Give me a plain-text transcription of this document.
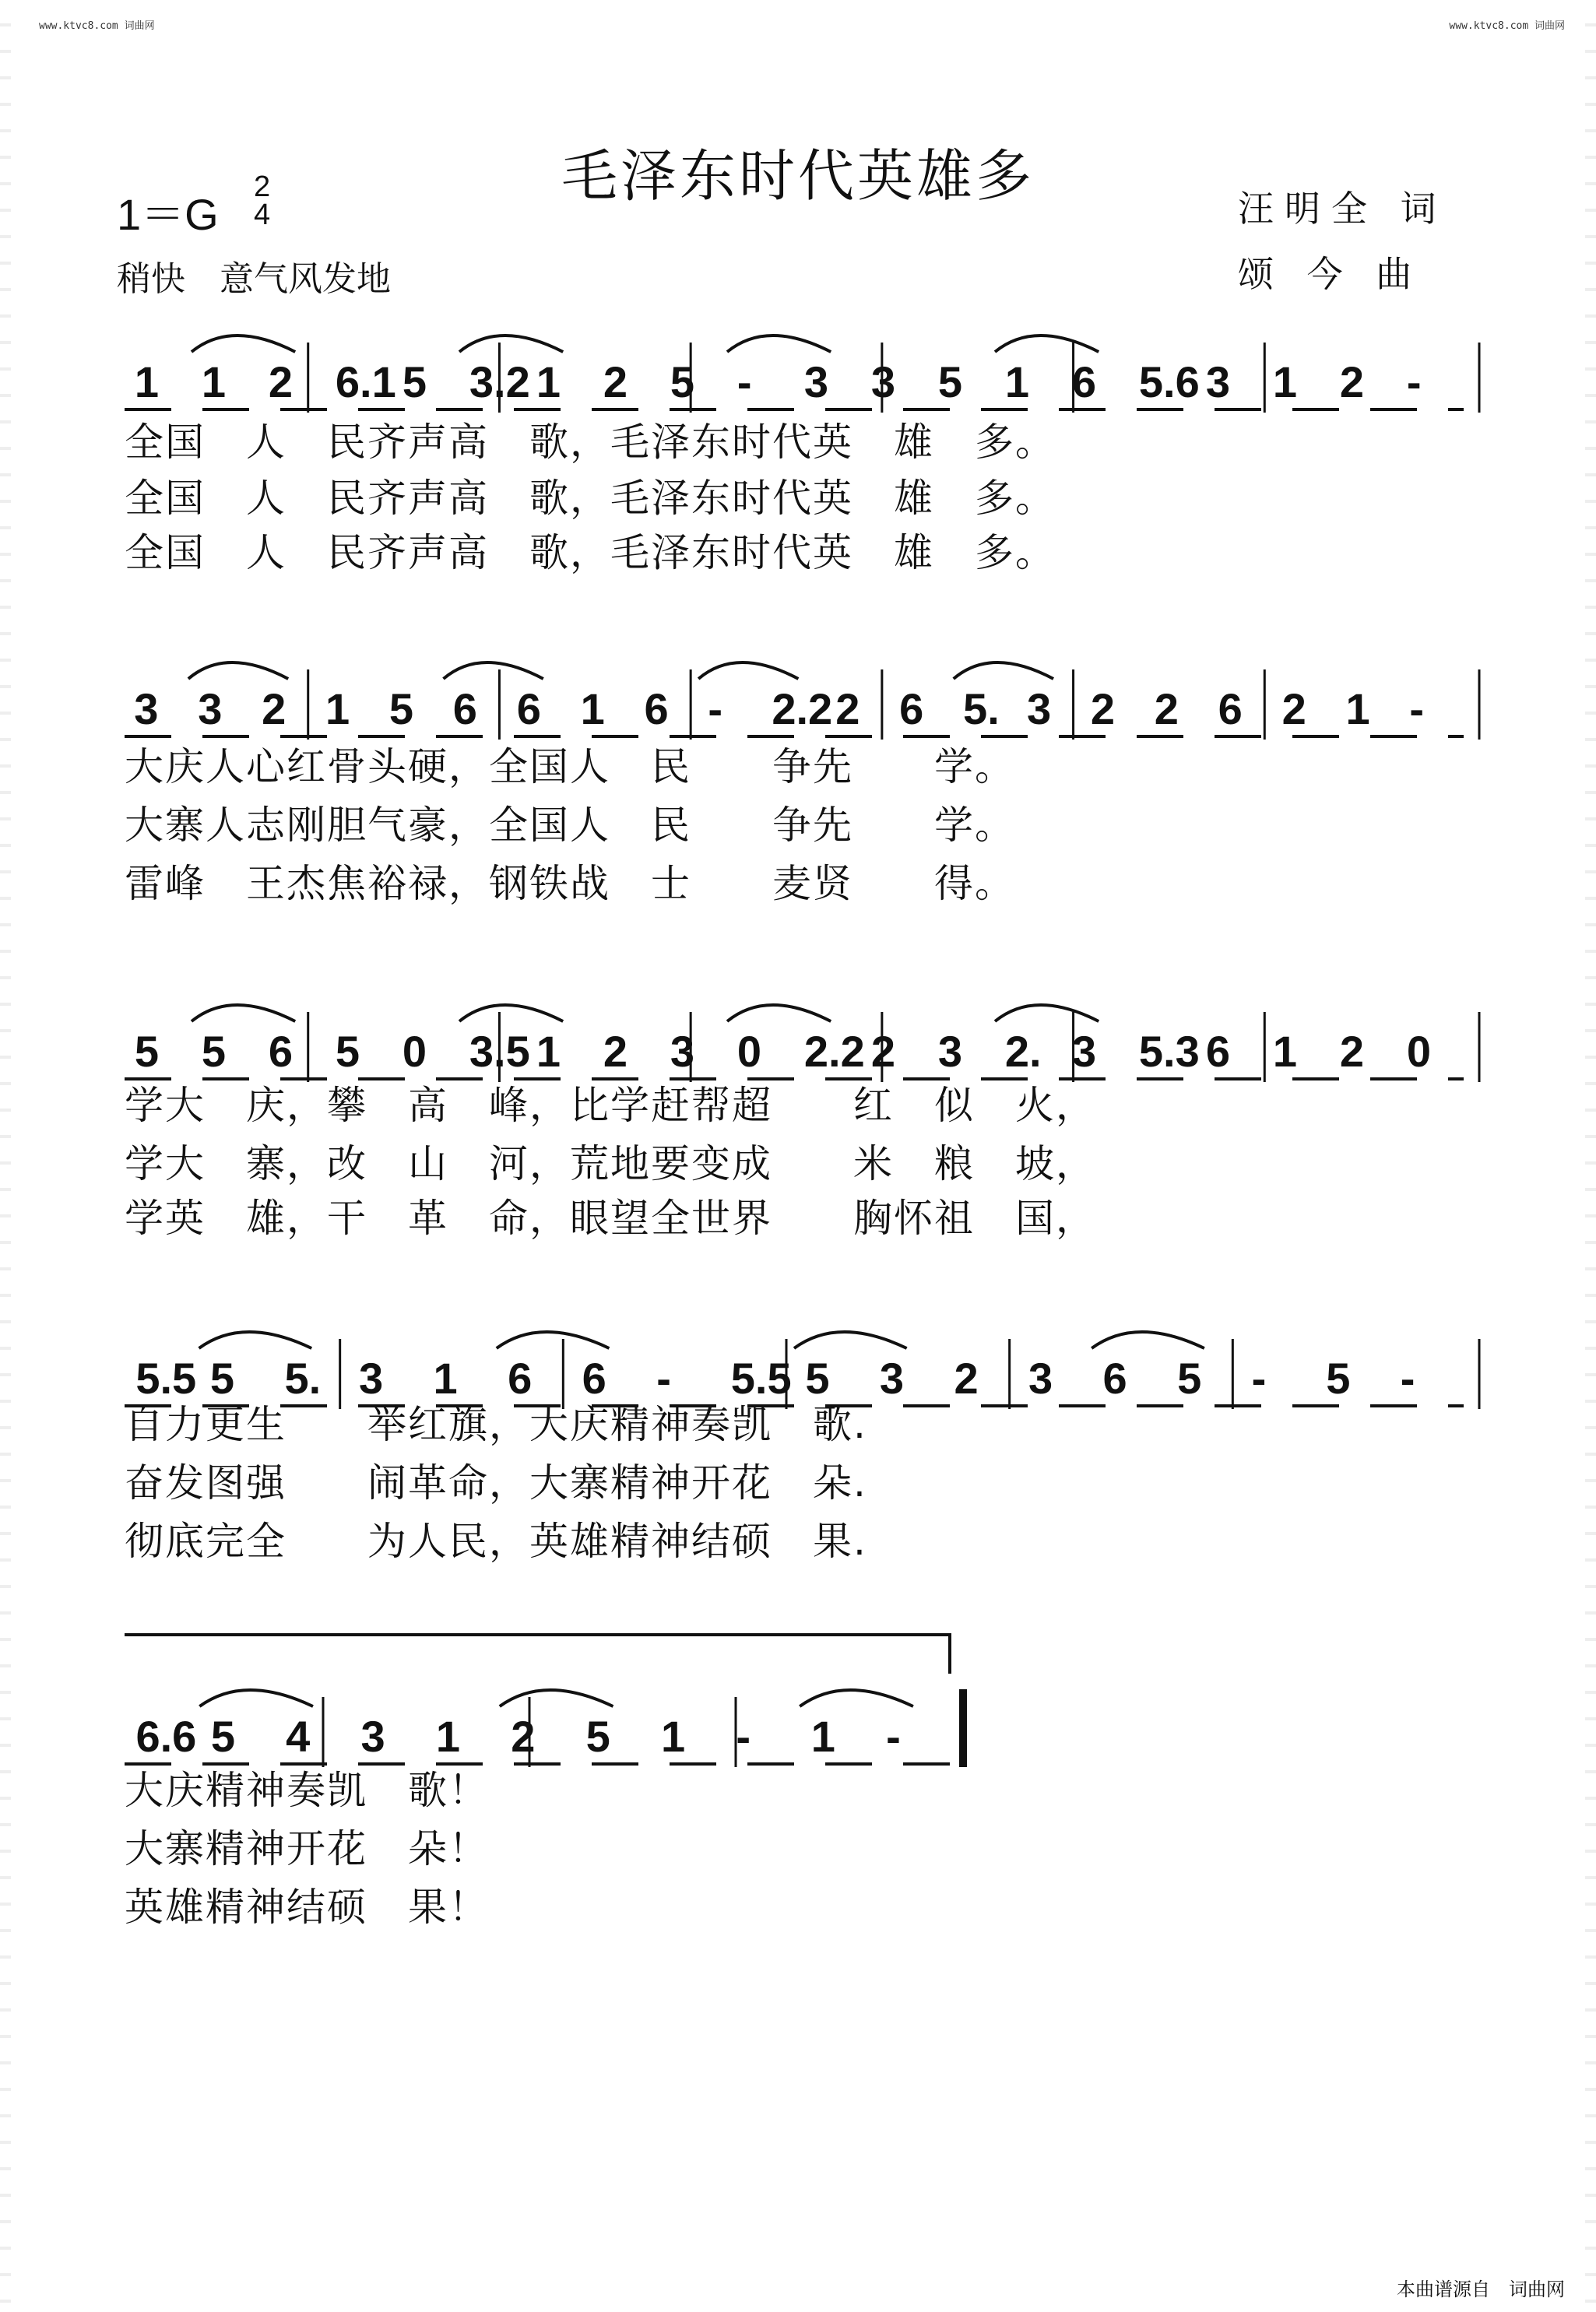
www.ktvc8.com 词曲网	www.ktvc8.com 词曲网
毛泽东时代英雄多
1＝G
2
4
稍快　意气风发地
汪明全 词
颂 今 曲
1 1 2 6.1 5 3.2 1 2 5 - 3 3 5 1 6 5.6 3 1 2 -
3 3 2 1 5 6 6 1 6 - 2.2 2 6 5. 3 2 2 6 2 1 -
5 5 6 5 0 3.5 1 2 3 0 2.2 2 3 2. 3 5.3 6 1 2 0
5.5 5 5. 3 1 6 6 - 5.5 5 3 2 3 6 5 - 5 -
6.6 5 4 3 1 2 5 1 - 1 -
全国　人　民齐声高　歌，毛泽东时代英　雄　多。
全国　人　民齐声高　歌，毛泽东时代英　雄　多。
全国　人　民齐声高　歌，毛泽东时代英　雄　多。
大庆人心红骨头硬，全国人　民　　争先　　学。
大寨人志刚胆气豪，全国人　民　　争先　　学。
雷峰　王杰焦裕禄，钢铁战　士　　麦贤　　得。
学大　庆，攀　高　峰，比学赶帮超　　红　似　火，
学大　寨，改　山　河，荒地要变成　　米　粮　坡，
学英　雄，干　革　命，眼望全世界　　胸怀祖　国，
自力更生　　举红旗，大庆精神奏凯　歌.
奋发图强　　闹革命，大寨精神开花　朵.
彻底完全　　为人民，英雄精神结硕　果.
大庆精神奏凯　歌！
大寨精神开花　朵！
英雄精神结硕　果！
本曲谱源自　词曲网
